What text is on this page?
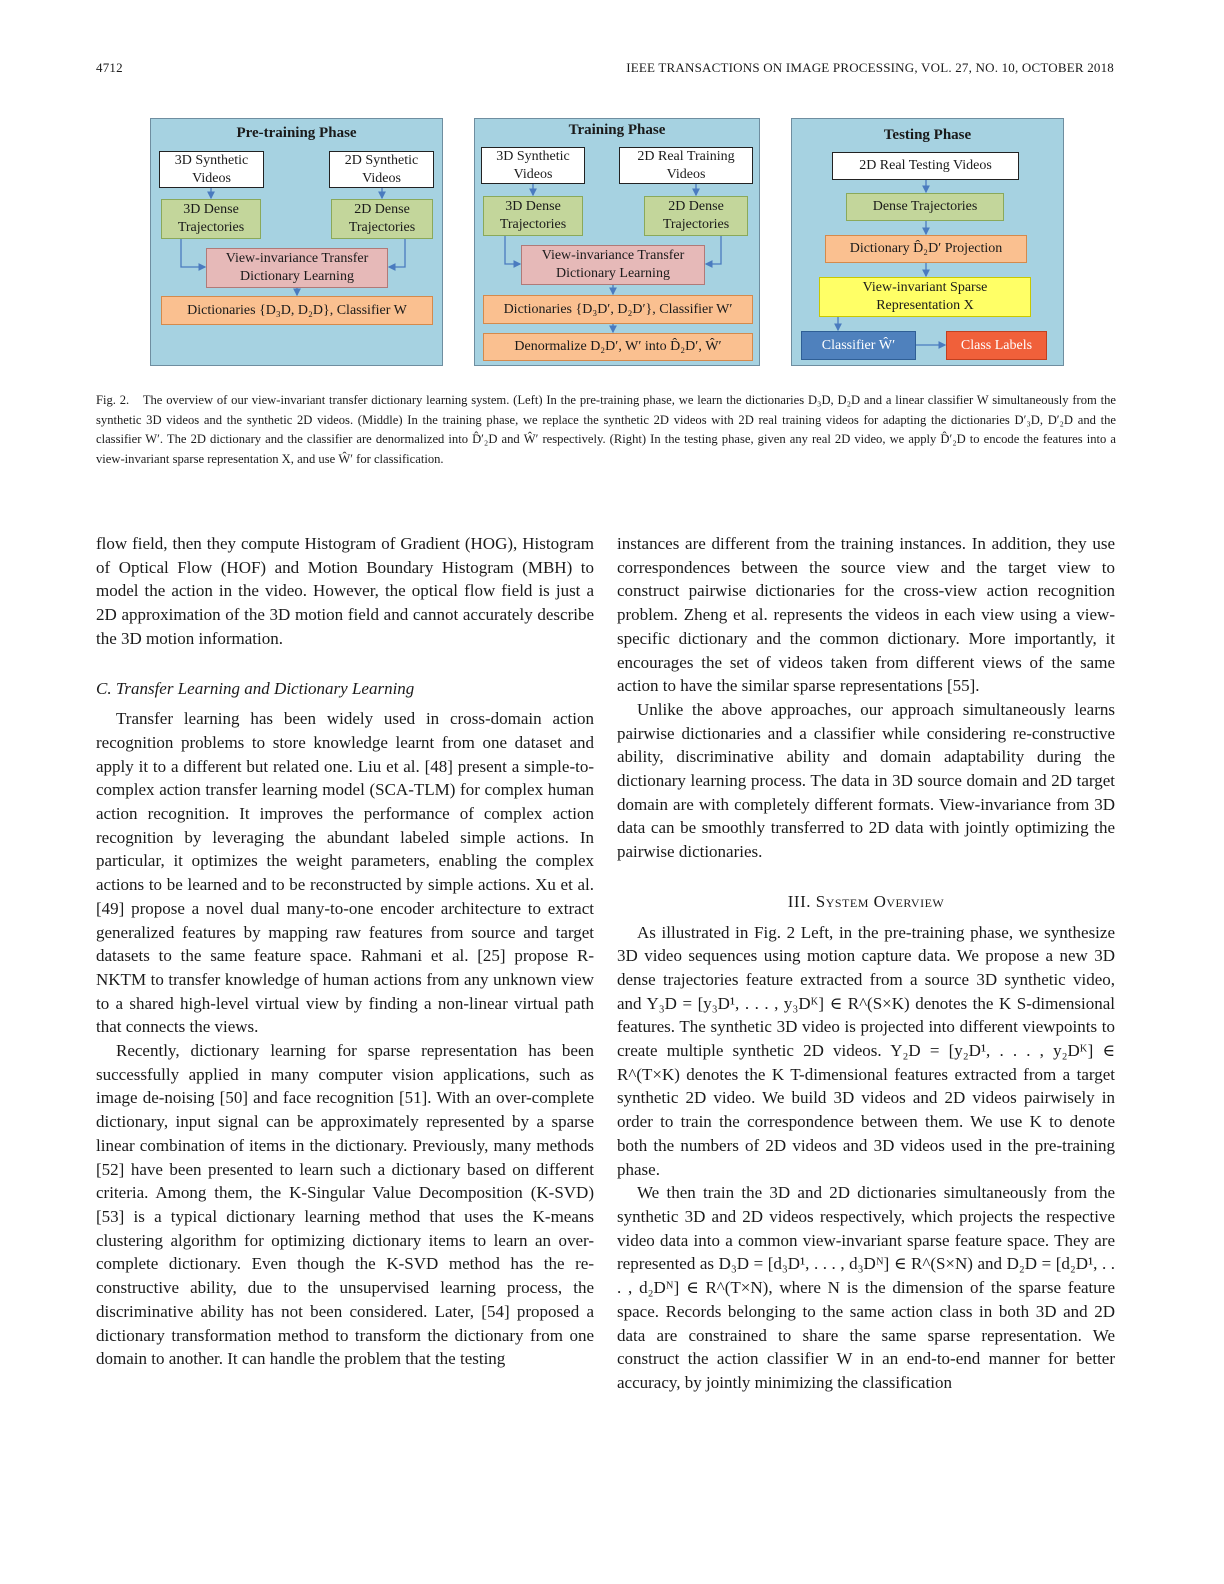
4712	IEEE TRANSACTIONS ON IMAGE PROCESSING, VOL. 27, NO. 10, OCTOBER 2018
Pre-training Phase
3D Synthetic
Videos
2D Synthetic
Videos
3D Dense
Trajectories
2D Dense
Trajectories
View-invariance Transfer
Dictionary Learning
Dictionaries {D₃D, D₂D}, Classifier W
Training Phase
3D Synthetic
Videos
2D Real Training
Videos
3D Dense
Trajectories
2D Dense
Trajectories
View-invariance Transfer
Dictionary Learning
Dictionaries {D₃D′, D₂D′}, Classifier W′
Denormalize D₂D′, W′ into D̂₂D′, Ŵ′
Testing Phase
2D Real Testing Videos
Dense Trajectories
Dictionary D̂₂D′ Projection
View-invariant Sparse
Representation X
Classifier Ŵ′	Class Labels
Fig. 2. The overview of our view-invariant transfer dictionary learning system. (Left) In the pre-training phase, we learn the dictionaries D₃D, D₂D and a linear classifier W simultaneously from the synthetic 3D videos and the synthetic 2D videos. (Middle) In the training phase, we replace the synthetic 2D videos with 2D real training videos for adapting the dictionaries D′₃D, D′₂D and the classifier W′. The 2D dictionary and the classifier are denormalized into D̂′₂D and Ŵ′ respectively. (Right) In the testing phase, given any real 2D video, we apply D̂′₂D to encode the features into a view-invariant sparse representation X, and use Ŵ′ for classification.

flow field, then they compute Histogram of Gradient (HOG), Histogram of Optical Flow (HOF) and Motion Boundary Histogram (MBH) to model the action in the video. However, the optical flow field is just a 2D approximation of the 3D motion field and cannot accurately describe the 3D motion information.

C. Transfer Learning and Dictionary Learning

Transfer learning has been widely used in cross-domain action recognition problems to store knowledge learnt from one dataset and apply it to a different but related one. Liu et al. [48] present a simple-to-complex action transfer learning model (SCA-TLM) for complex human action recognition. It improves the performance of complex action recognition by leveraging the abundant labeled simple actions. In particular, it optimizes the weight parameters, enabling the complex actions to be learned and to be reconstructed by simple actions. Xu et al. [49] propose a novel dual many-to-one encoder architecture to extract generalized features by mapping raw features from source and target datasets to the same feature space. Rahmani et al. [25] propose R-NKTM to transfer knowledge of human actions from any unknown view to a shared high-level virtual view by finding a non-linear virtual path that connects the views.

Recently, dictionary learning for sparse representation has been successfully applied in many computer vision applications, such as image de-noising [50] and face recognition [51]. With an over-complete dictionary, input signal can be approximately represented by a sparse linear combination of items in the dictionary. Previously, many methods [52] have been presented to learn such a dictionary based on different criteria. Among them, the K-Singular Value Decomposition (K-SVD) [53] is a typical dictionary learning method that uses the K-means clustering algorithm for optimizing dictionary items to learn an over-complete dictionary. Even though the K-SVD method has the re-constructive ability, due to the unsupervised learning process, the discriminative ability has not been considered. Later, [54] proposed a dictionary transformation method to transform the dictionary from one domain to another. It can handle the problem that the testing

instances are different from the training instances. In addition, they use correspondences between the source view and the target view to construct pairwise dictionaries for the cross-view action recognition problem. Zheng et al. represents the videos in each view using a view-specific dictionary and the common dictionary. More importantly, it encourages the set of videos taken from different views of the same action to have the similar sparse representations [55].

Unlike the above approaches, our approach simultaneously learns pairwise dictionaries and a classifier while considering re-constructive ability, discriminative ability and domain adaptability during the dictionary learning process. The data in 3D source domain and 2D target domain are with completely different formats. View-invariance from 3D data can be smoothly transferred to 2D data with jointly optimizing the pairwise dictionaries.

III. System Overview

As illustrated in Fig. 2 Left, in the pre-training phase, we synthesize 3D video sequences using motion capture data. We propose a new 3D dense trajectories feature extracted from a source 3D synthetic video, and Y₃D = [y₃D¹, . . . , y₃Dᴷ] ∈ R^(S×K) denotes the K S-dimensional features. The synthetic 3D video is projected into different viewpoints to create multiple synthetic 2D videos. Y₂D = [y₂D¹, . . . , y₂Dᴷ] ∈ R^(T×K) denotes the K T-dimensional features extracted from a target synthetic 2D video. We build 3D videos and 2D videos pairwisely in order to train the correspondence between them. We use K to denote both the numbers of 2D videos and 3D videos used in the pre-training phase.

We then train the 3D and 2D dictionaries simultaneously from the synthetic 3D and 2D videos respectively, which projects the respective video data into a common view-invariant sparse feature space. They are represented as D₃D = [d₃D¹, . . . , d₃Dᴺ] ∈ R^(S×N) and D₂D = [d₂D¹, . . . , d₂Dᴺ] ∈ R^(T×N), where N is the dimension of the sparse feature space. Records belonging to the same action class in both 3D and 2D data are constrained to share the same sparse representation. We construct the action classifier W in an end-to-end manner for better accuracy, by jointly minimizing the classification
